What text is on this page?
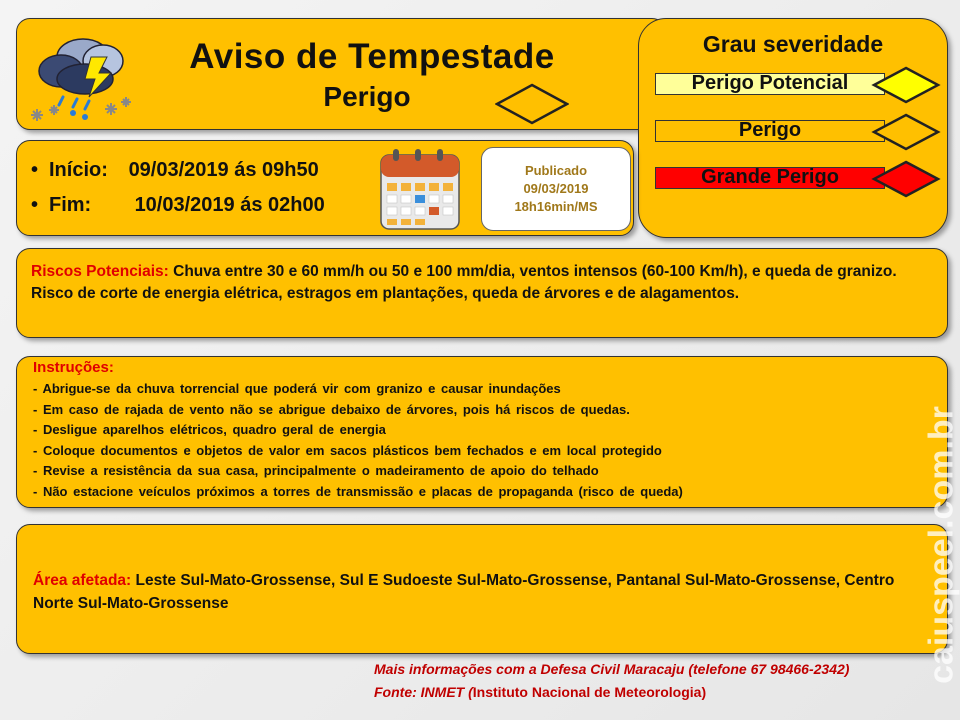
Aviso de Tempestade
Perigo
Grau severidade
Perigo Potencial
Perigo
Grande Perigo
• Início: 09/03/2019 ás 09h50
• Fim: 10/03/2019 ás 02h00
Publicado
09/03/2019
18h16min/MS
Riscos Potenciais: Chuva entre 30 e 60 mm/h ou 50 e 100 mm/dia, ventos intensos (60-100 Km/h), e queda de granizo. Risco de corte de energia elétrica, estragos em plantações, queda de árvores e de alagamentos.
Instruções:
- Abrigue-se da chuva torrencial que poderá vir com granizo e causar inundações
- Em caso de rajada de vento não se abrigue debaixo de árvores, pois há riscos de quedas.
- Desligue aparelhos elétricos, quadro geral de energia
- Coloque documentos e objetos de valor em sacos plásticos bem fechados e em local protegido
- Revise a resistência da sua casa, principalmente o madeiramento de apoio do telhado
- Não estacione veículos próximos a torres de transmissão e placas de propaganda (risco de queda)
Área afetada: Leste Sul-Mato-Grossense, Sul E Sudoeste Sul-Mato-Grossense, Pantanal Sul-Mato-Grossense, Centro Norte Sul-Mato-Grossense
Mais informações com a Defesa Civil Maracaju (telefone 67 98466-2342)
Fonte: INMET (Instituto Nacional de Meteorologia)
caiuspeel.com.br
